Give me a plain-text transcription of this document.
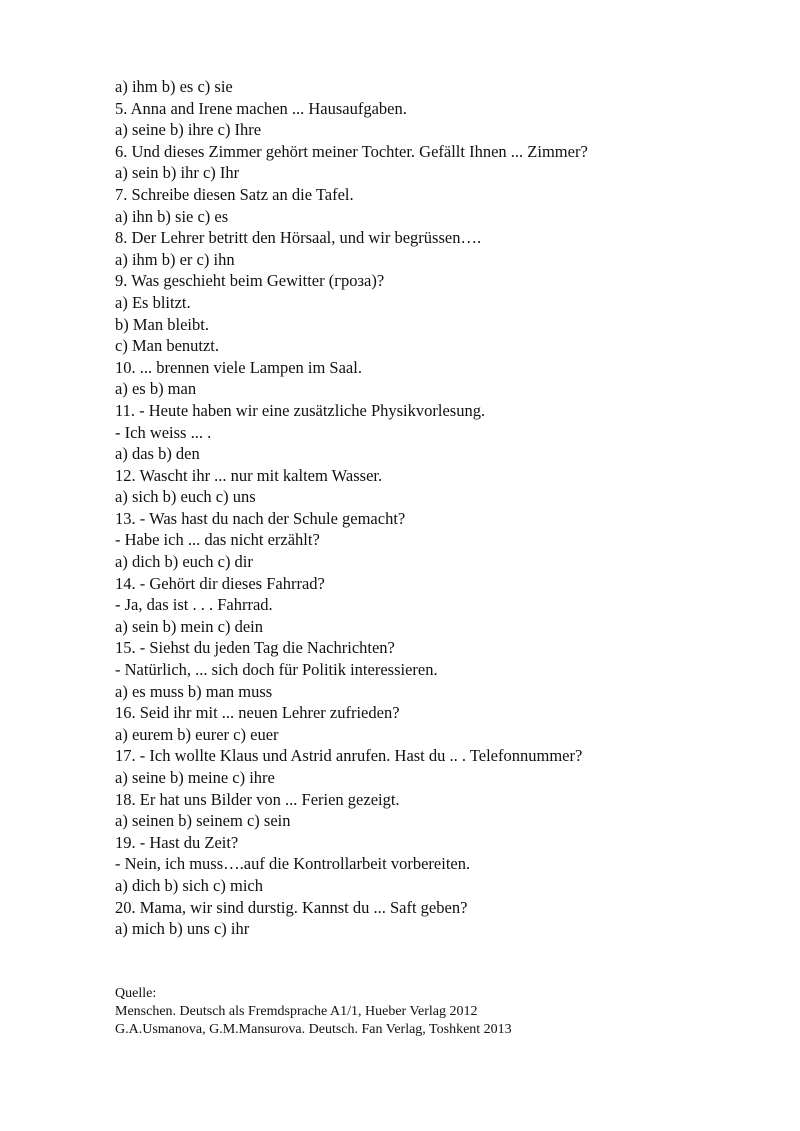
a) ihm b) es c) sie
5. Anna and Irene machen ... Hausaufgaben.
a) seine b) ihre c) Ihre
6. Und dieses Zimmer gehört meiner Tochter. Gefällt Ihnen ... Zimmer?
a) sein b) ihr c) Ihr
7. Schreibe diesen Satz an die Tafel.
a) ihn b) sie c) es
8. Der Lehrer betritt den Hörsaal, und wir begrüssen….
a) ihm b) er c) ihn
9. Was geschieht beim Gewitter (гроза)?
a) Es blitzt.
b) Man bleibt.
c) Man benutzt.
10. ... brennen viele Lampen im Saal.
a) es b) man
11. - Heute haben wir eine zusätzliche Physikvorlesung.
- Ich weiss ... .
a) das b) den
12. Wascht ihr ... nur mit kaltem Wasser.
a) sich b) euch c) uns
13. - Was hast du nach der Schule gemacht?
- Habe ich ... das nicht erzählt?
a) dich b) euch c) dir
14. - Gehört dir dieses Fahrrad?
- Ja, das ist . . . Fahrrad.
a) sein b) mein c) dein
15. - Siehst du jeden Tag die Nachrichten?
- Natürlich, ... sich doch für Politik interessieren.
a) es muss b) man muss
16. Seid ihr mit ... neuen Lehrer zufrieden?
a) eurem b) eurer c) euer
17. - Ich wollte Klaus und Astrid anrufen. Hast du .. . Telefonnummer?
a) seine b) meine c) ihre
18. Er hat uns Bilder von ... Ferien gezeigt.
a) seinen b) seinem c) sein
19. - Hast du Zeit?
- Nein, ich muss….auf die Kontrollarbeit vorbereiten.
a) dich b) sich c) mich
20. Mama, wir sind durstig. Kannst du ... Saft geben?
a) mich b) uns c) ihr
Quelle:
Menschen. Deutsch als Fremdsprache A1/1, Hueber Verlag 2012
G.A.Usmanova, G.M.Mansurova. Deutsch. Fan Verlag, Toshkent 2013
